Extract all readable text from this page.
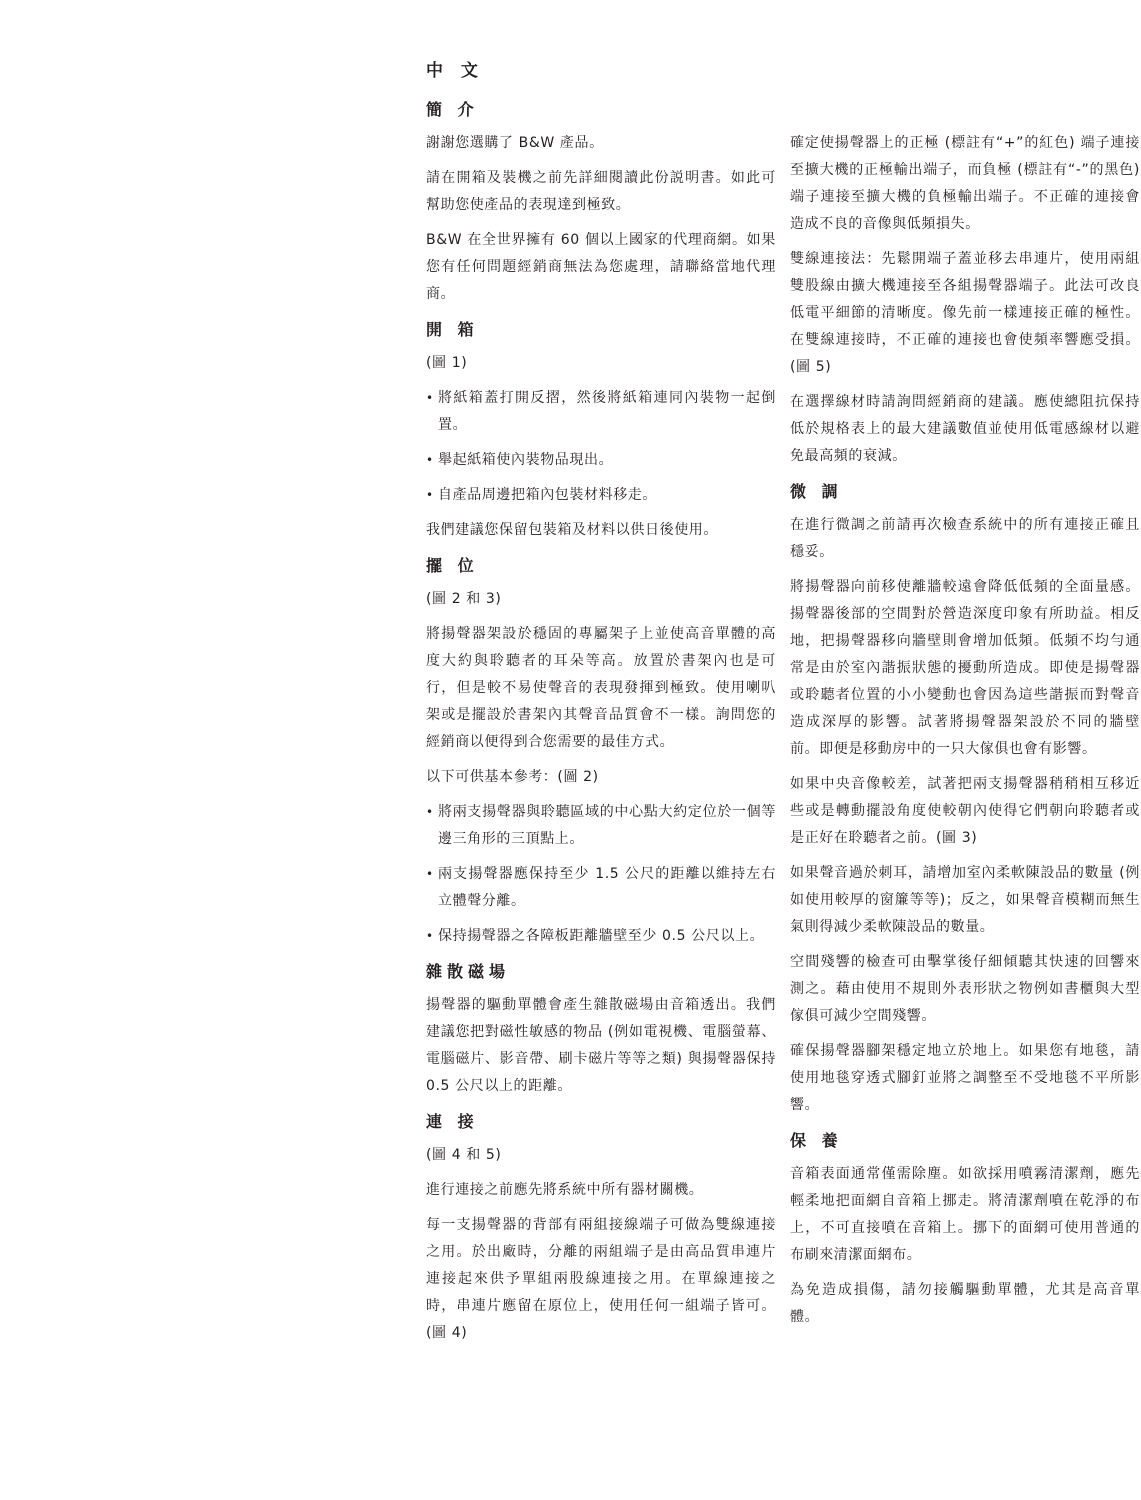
中 文
簡 介

謝謝您選購了 B&W 產品。

請在開箱及裝機之前先詳細閱讀此份説明書。如此可幫助您使產品的表現達到極致。

B&W 在全世界擁有 60 個以上國家的代理商網。如果您有任何問題經銷商無法為您處理，請聯絡當地代理商。

開 箱
(圖 1)
• 將紙箱蓋打開反摺，然後將紙箱連同內裝物一起倒置。
• 舉起紙箱使內裝物品現出。
• 自產品周邊把箱內包裝材料移走。

我們建議您保留包裝箱及材料以供日後使用。

擺 位
(圖 2 和 3)

將揚聲器架設於穩固的專屬架子上並使高音單體的高度大約與聆聽者的耳朵等高。放置於書架內也是可行，但是較不易使聲音的表現發揮到極致。使用喇叭架或是擺設於書架內其聲音品質會不一樣。詢問您的經銷商以便得到合您需要的最佳方式。

以下可供基本參考：(圖 2)

• 將兩支揚聲器與聆聽區域的中心點大約定位於一個等邊三角形的三頂點上。
• 兩支揚聲器應保持至少 1.5 公尺的距離以維持左右立體聲分離。
• 保持揚聲器之各障板距離牆壁至少 0.5 公尺以上。
雜散磁場

揚聲器的驅動單體會產生雜散磁場由音箱透出。我們建議您把對磁性敏感的物品 (例如電視機、電腦螢幕、電腦磁片、影音帶、刷卡磁片等等之類) 與揚聲器保持 0.5 公尺以上的距離。

連 接
(圖 4 和 5)

進行連接之前應先將系統中所有器材關機。

每一支揚聲器的背部有兩組接線端子可做為雙線連接之用。於出廠時，分離的兩組端子是由高品質串連片連接起來供予單組兩股線連接之用。在單線連接之時，串連片應留在原位上，使用任何一組端子皆可。(圖 4)

確定使揚聲器上的正極 (標註有“+”的紅色) 端子連接至擴大機的正極輸出端子，而負極 (標註有“-”的黑色) 端子連接至擴大機的負極輸出端子。不正確的連接會造成不良的音像與低頻損失。

雙線連接法：先鬆開端子蓋並移去串連片，使用兩組雙股線由擴大機連接至各組揚聲器端子。此法可改良低電平細節的清晰度。像先前一樣連接正確的極性。在雙線連接時，不正確的連接也會使頻率響應受損。(圖 5)

在選擇線材時請詢問經銷商的建議。應使總阻抗保持低於規格表上的最大建議數值並使用低電感線材以避免最高頻的衰減。

微 調

在進行微調之前請再次檢查系統中的所有連接正確且穩妥。

將揚聲器向前移使離牆較遠會降低低頻的全面量感。揚聲器後部的空間對於營造深度印象有所助益。相反地，把揚聲器移向牆壁則會增加低頻。低頻不均勻通常是由於室內諧振狀態的擾動所造成。即使是揚聲器或聆聽者位置的小小變動也會因為這些諧振而對聲音造成深厚的影響。試著將揚聲器架設於不同的牆壁前。即便是移動房中的一只大傢俱也會有影響。

如果中央音像較差，試著把兩支揚聲器稍稍相互移近些或是轉動擺設角度使較朝內使得它們朝向聆聽者或是正好在聆聽者之前。(圖 3)

如果聲音過於刺耳，請增加室內柔軟陳設品的數量 (例如使用較厚的窗簾等等)；反之，如果聲音模糊而無生氣則得減少柔軟陳設品的數量。

空間殘響的檢查可由擊掌後仔細傾聽其快速的回響來測之。藉由使用不規則外表形狀之物例如書櫃與大型傢俱可減少空間殘響。

確保揚聲器腳架穩定地立於地上。如果您有地毯，請使用地毯穿透式腳釘並將之調整至不受地毯不平所影響。

保 養

音箱表面通常僅需除塵。如欲採用噴霧清潔劑，應先輕柔地把面網自音箱上挪走。將清潔劑噴在乾淨的布上，不可直接噴在音箱上。挪下的面網可使用普通的布刷來清潔面網布。

為免造成損傷，請勿接觸驅動單體，尤其是高音單體。
